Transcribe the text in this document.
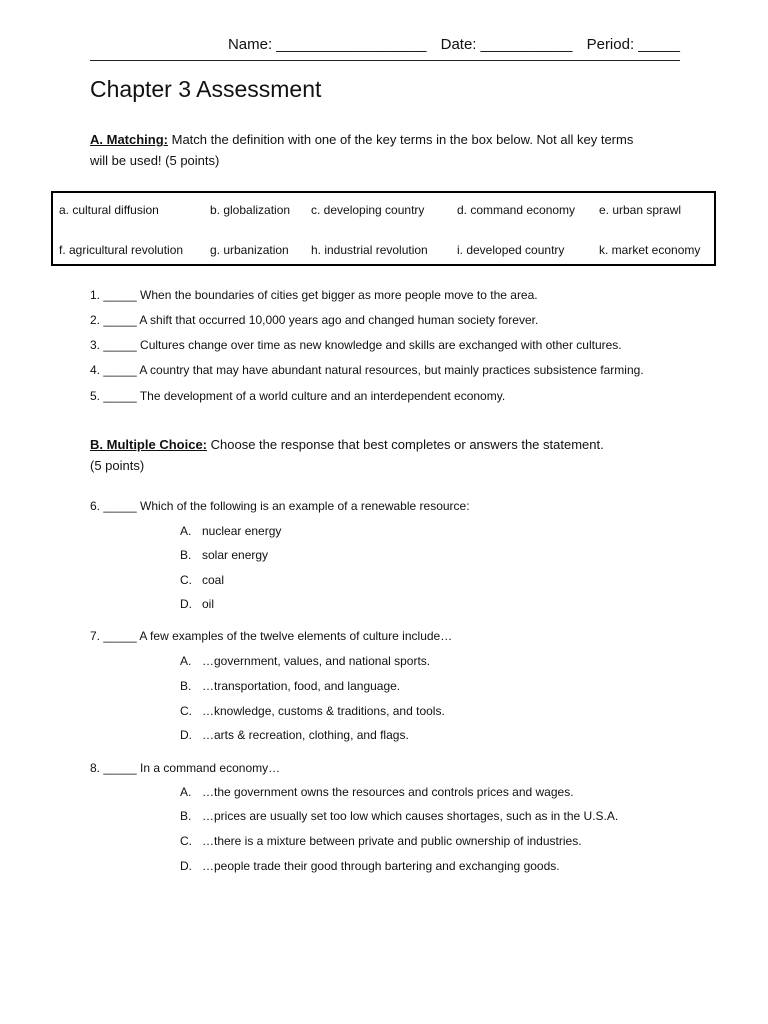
Name: __________________ Date: ___________ Period: _____
Chapter 3 Assessment
A. Matching: Match the definition with one of the key terms in the box below. Not all key terms
will be used! (5 points)
a. cultural diffusion	b. globalization c. developing country	d. command economy e. urban sprawl
f. agricultural revolution g. urbanization h. industrial revolution i. developed country	k. market economy
1. _____ When the boundaries of cities get bigger as more people move to the area.
2. _____ A shift that occurred 10,000 years ago and changed human society forever.
3. _____ Cultures change over time as new knowledge and skills are exchanged with other cultures.
4. _____ A country that may have abundant natural resources, but mainly practices subsistence farming.
5. _____ The development of a world culture and an interdependent economy.
B. Multiple Choice: Choose the response that best completes or answers the statement.
(5 points)
6. _____ Which of the following is an example of a renewable resource:
A. nuclear energy
B. solar energy
C. coal
D. oil
7. _____ A few examples of the twelve elements of culture include…
A. …government, values, and national sports.
B. …transportation, food, and language.
C. …knowledge, customs & traditions, and tools.
D. …arts & recreation, clothing, and flags.
8. _____ In a command economy…
A. …the government owns the resources and controls prices and wages.
B. …prices are usually set too low which causes shortages, such as in the U.S.A.
C. …there is a mixture between private and public ownership of industries.
D. …people trade their good through bartering and exchanging goods.
